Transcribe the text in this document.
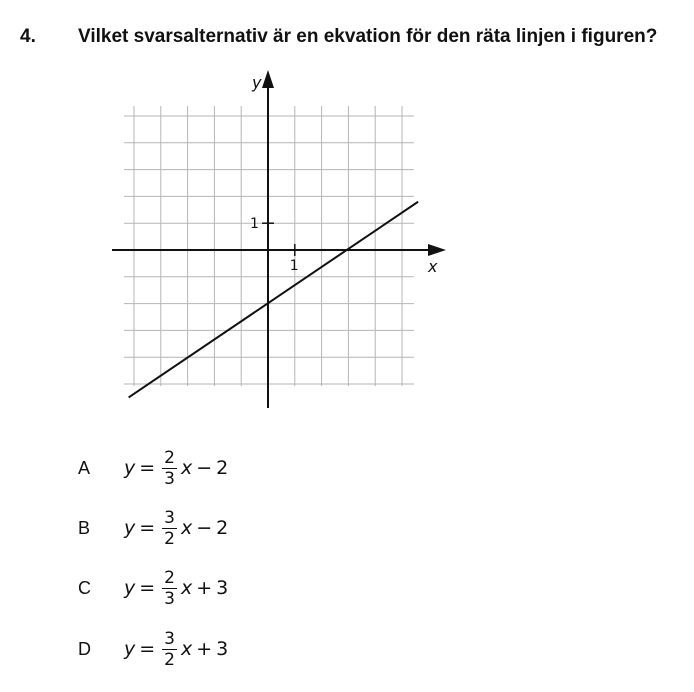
4. Vilket svarsalternativ är en ekvation för den räta linjen i figuren?
x
y
1
1
A	$y = \frac{2}{3}$ x − 2
B	$y = \frac{3}{2}$ x − 2
C	$y = \frac{2}{3}$ x + 3
D	$y = \frac{3}{2}$ x + 3
